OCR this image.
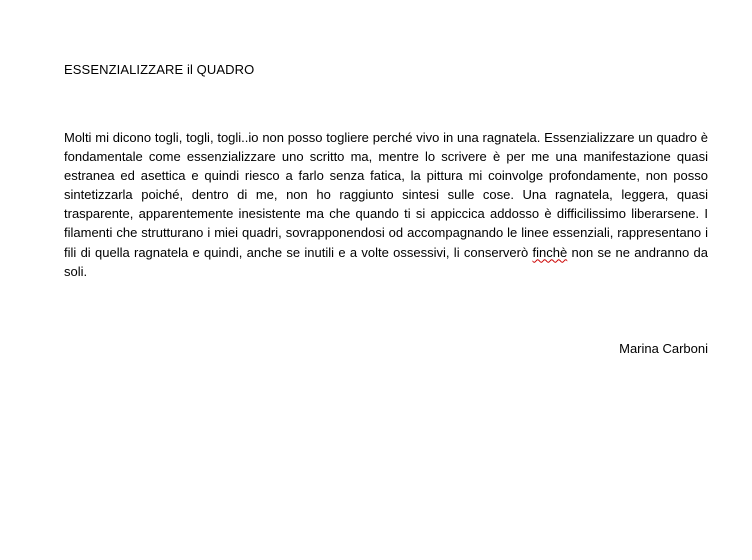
ESSENZIALIZZARE il QUADRO

Molti mi dicono togli, togli, togli..io non posso togliere perché vivo in una ragnatela. Essenzializzare un quadro è fondamentale come essenzializzare uno scritto ma, mentre lo scrivere è per me una manifestazione quasi estranea ed asettica e quindi riesco a farlo senza fatica, la pittura mi coinvolge profondamente, non posso sintetizzarla poiché, dentro di me, non ho raggiunto sintesi sulle cose. Una ragnatela, leggera, quasi trasparente, apparentemente inesistente ma che quando ti si appiccica addosso è difficilissimo liberarsene. I filamenti che strutturano i miei quadri, sovrapponendosi od accompagnando le linee essenziali, rappresentano i fili di quella ragnatela e quindi, anche se inutili e a volte ossessivi, li conserverò finchè non se ne andranno da soli.

Marina Carboni
